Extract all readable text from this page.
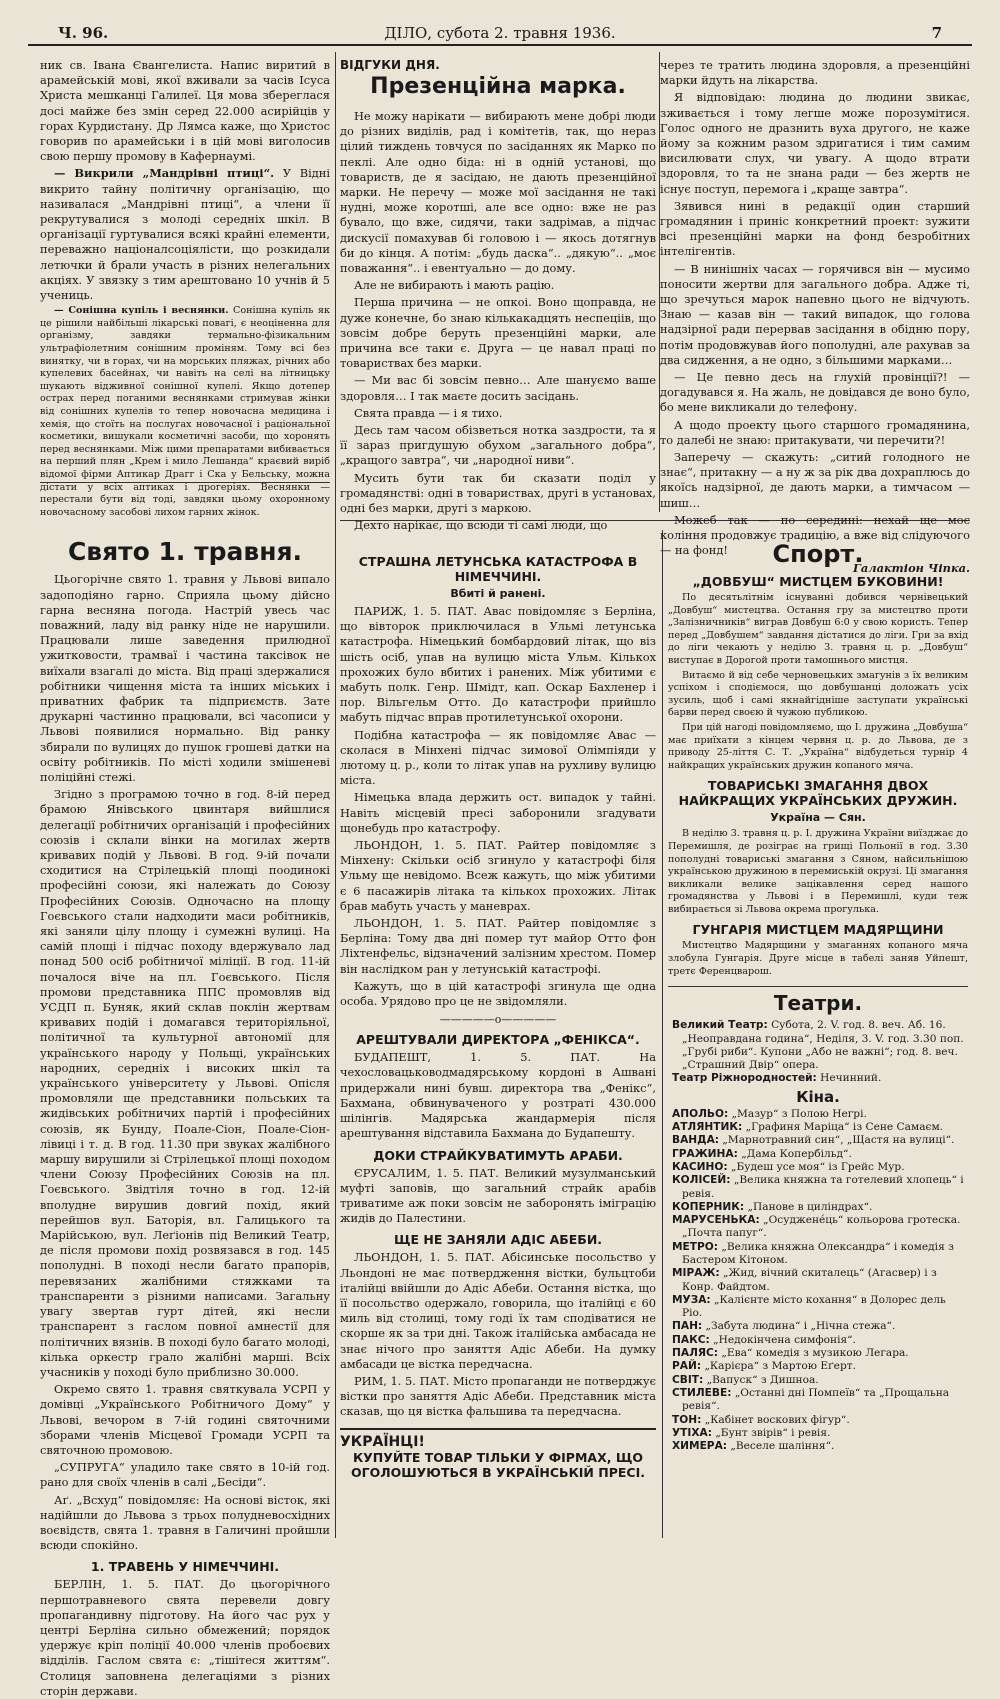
Ч. 96.	ДІЛО, субота 2. травня 1936.	7

ник св. Івана Євангелиста. Напис виритий в арамейській мові, якої вживали за часів Ісуса Христа мешканці Галилеї. Ця мова збереглася досі майже без змін серед 22.000 асирійців у горах Курдистану. Др Лямса каже, що Христос говорив по арамейськи і в цій мові виголосив свою першу промову в Кафернаумі.

— Викрили „Мандрівні птиці“. У Відні викрито тайну політичну організацію, що називалася „Мандрівні птиці“, а члени її рекрутувалися з молоді середніх шкіл. В організації гуртувалися всякі крайні елементи, переважно націоналсоціялісти, що розкидали летючки й брали участь в різних нелегальних акціях. У звязку з тим арештовано 10 учнів й 5 учениць.

— Сонішна купіль і веснянки. Сонішна купіль як це рішили найбільші лікарські повагі, є неоціненна для організму, завдяки термально-фізикальним ультрафіолетним сонішним проміням. Тому всі без винятку, чи в горах, чи на морських пляжах, річних або купелевих басейнах, чи навіть на селі на літницьку шукають відживної сонішної купелі. Якщо дотепер острах перед поганими веснянками стримував жінки від сонішних купелів то тепер новочасна медицина і хемія, що стоїть на послугах новочасної і раціональної косметики, вишукали косметичні засоби, що хоронять перед веснянками. Між цими препаратами вибивається на перший плян „Крем і мило Лешанда“ краєвий виріб відомої фірми Аптикар Драгг і Ска у Бельську, можна дістати у всіх аптиках і дрогеріях. Веснянки — перестали бути від тоді, завдяки цьому охоронному новочасному засобові лихом гарних жінок.

Свято 1. травня.

Цьогорічне свято 1. травня у Львові випало задоподіяно гарно. Сприяла цьому дійсно гарна весняна погода. Настрій увесь час поважний, ладу від ранку ніде не нарушили. Працювали лише заведення прилюдної ужитковости, трамваї і частина таксівок не виїхали взагалі до міста. Від праці здержалися робітники чищення міста та інших міських і приватних фабрик та підприємств. Зате друкарні частинно працювали, всі часописи у Львові появилися нормально. Від ранку збирали по вулицях до пушок грошеві датки на освіту робітників. По місті ходили змішеневі поліційні стежі.

Згідно з програмою точно в год. 8-ій перед брамою Янівського цвинтаря вийшлися делегації робітничих організацій і професійних союзів і склали вінки на могилах жертв кривавих подій у Львові. В год. 9-ій почали сходитися на Стрілецькій площі поодинокі професійні союзи, які належать до Союзу Професійних Союзів. Одночасно на площу Гоєвського стали надходити маси робітників, які заняли цілу площу і сумежні вулиці. На самій площі і підчас походу вдержувало лад понад 500 осіб робітничої міліції. В год. 11-ій почалося віче на пл. Гоєвського. Після промови представника ППС промовляв від УСДП п. Буняк, який склав поклін жертвам кривавих подій і домагався територіяльної, політичної та культурної автономії для українського народу у Польщі, українських народних, середніх і високих шкіл та українського університету у Львові. Опісля промовляли ще представники польських та жидівських робітничих партій і професійних союзів, як Бунду, Поале-Сіон, Поале-Сіон-лівиці і т. д. В год. 11.30 при звуках жалібного маршу вирушили зі Стрілецької площі походом члени Союзу Професійних Союзів на пл. Гоєвського. Звідтіля точно в год. 12-ій вполудне вирушив довгий похід, який перейшов вул. Баторія, вл. Галицького та Марійською, вул. Леґіонів під Великий Театр, де після промови похід розвязався в год. 145 пополудні. В поході несли багато прапорів, перевязаних жалібними стяжками та транспаренти з різними написами. Загальну увагу звертав гурт дітей, які несли транспарент з гаслом повної амнестії для політичних вязнів. В поході було багато молоді, кілька оркестр грало жалібні марші. Всіх учасників у поході було приблизно 30.000.

Окремо свято 1. травня святкувала УСРП у домівці „Українського Робітничого Дому“ у Львові, вечором в 7-ій годині святочними зборами членів Місцевої Громади УСРП та святочною промовою.

„СУПРУГА“ уладило таке свято в 10-ій год. рано для своїх членів в салі „Бесіди“.

Аґ. „Всхуд“ повідомляє: На основі вісток, які надійшли до Львова з трьох полудневосхідних воєвідств, свята 1. травня в Галичині пройшли всюди спокійно.

1. ТРАВЕНЬ У НІМЕЧЧИНІ.

БЕРЛІН, 1. 5. ПАТ. До цьогорічного першотравневого свята перевели довгу пропагандивну підготову. На його час рух у центрі Берліна сильно обмежений; порядок удержує кріп поліції 40.000 членів пробоєвих відділів. Гаслом свята є: „тішітеся життям“. Столиця заповнена делегаціями з різних сторін держави.

ВІДГУКИ ДНЯ.
Презенційна марка.

Не можу нарікати — вибирають мене добрі люди до різних виділів, рад і комітетів, так, що нераз цілий тиждень товчуся по засіданнях як Марко по пеклі. Але одно біда: ні в одній установі, що товариств, де я засідаю, не дають презенційної марки. Не перечу — може мої засідання не такі нудні, може коротші, але все одно: вже не раз бувало, що вже, сидячи, таки задрімав, а підчас дискусії помахував бі головою і — якось дотягнув би до кінця. А потім: „будь даска“.. „дякую“.. „моє поважання“.. і евентуально — до дому.

Але не вибирають і мають рацію.

Перша причина — не опкоі. Воно щоправда, не дуже конечне, бо знаю кількакадцять неспеціів, що зовсім добре беруть презенційні марки, але причина все таки є. Друга — це навал праці по товариствах без марки.

— Ми вас бі зовсім певно… Але шануємо ваше здоровля… І так маєте досить засідань.

Свята правда — і я тихо.

Десь там часом обізветься нотка заздрости, та я її зараз пригдушую обухом „загального добра“, „кращого завтра“, чи „народної ниви“.

Мусить бути так би сказати поділ у громадянстві: одні в товариствах, другі в установах, одні без марки, другі з маркою.

Дехто нарікає, що всюди ті самі люди, що

через те тратить людина здоровля, а презенційні марки йдуть на лікарства.

Я відповідаю: людина до людини звикає, зживається і тому легше може порозумітися. Голос одного не дразнить вуха другого, не каже йому за кожним разом здригатися і тим самим висилювати слух, чи увагу. А щодо втрати здоровля, то та не знана ради — без жертв не існує поступ, перемога і „краще завтра“.

Зявився нині в редакції один старший громадянин і приніс конкретний проект: зужити всі презенційні марки на фонд безробітних інтелігентів.

— В нинішніх часах — горячився він — мусимо поносити жертви для загального добра. Адже ті, що зречуться марок напевно цього не відчують. Знаю — казав він — такий випадок, що голова надзірної ради перервав засідання в обідню пору, потім продовжував його пополудні, але рахував за два сидження, а не одно, з більшими марками…

— Це певно десь на глухій провінції?! — догадувався я. На жаль, не довідався де воно було, бо мене викликали до телефону.

А щодо проекту цього старшого громадянина, то далебі не знаю: притакувати, чи перечити?!

Заперечу — скажуть: „ситий голодного не знає“, притакну — а ну ж за рік два дохраплюсь до якоїсь надзірної, де дають марки, а тимчасом — шиш…

Можеб так — по середині: нехай ще моє коління продовжує традицію, а вже від слідуючого — на фонд!

Галактіон Чіпка.
СТРАШНА ЛЕТУНСЬКА КАТАСТРОФА В НІМЕЧЧИНІ.
Вбиті й ранені.

ПАРИЖ, 1. 5. ПАТ. Авас повідомляє з Берліна, що вівторок приключилася в Ульмі летунська катастрофа. Німецький бомбардовий літак, що віз шість осіб, упав на вулицю міста Ульм. Кількох прохожих було вбитих і ранених. Між убитими є мабуть полк. Генр. Шмідт, кап. Оскар Бахленер і пор. Вільгельм Отто. До катастрофи прийшло мабуть підчас вправ протилетунської охорони.

Подібна катастрофа — як повідомляє Авас — сколася в Мінхені підчас зимової Олімпіяди у лютому ц. р., коли то літак упав на рухливу вулицю міста.

Німецька влада держить ост. випадок у тайні. Навіть місцевій пресі заборонили згадувати щонебудь про катастрофу.

ЛЬОНДОН, 1. 5. ПАТ. Райтер повідомляє з Мінхену: Скільки осіб згинуло у катастрофі біля Ульму ще невідомо. Всеж кажуть, що між убитими є 6 пасажирів літака та кількох прохожих. Літак брав мабуть участь у маневрах.

ЛЬОНДОН, 1. 5. ПАТ. Райтер повідомляє з Берліна: Тому два дні помер тут майор Отто фон Ліхтенфельс, відзначений залізним хрестом. Помер він наслідком ран у летунській катастрофі.

Кажуть, що в цій катастрофі згинула ще одна особа. Урядово про це не звідомляли.

—————o—————
АРЕШТУВАЛИ ДИРЕКТОРА „ФЕНІКСА“.

БУДАПЕШТ, 1. 5. ПАТ. На чехословацьководмадярському кордоні в Ашвані придержали нині бувш. директора тва „Фенікс“, Бахмана, обвинуваченого у розтраті 430.000 шілінгів. Мадярська жандармерія після арештування відставила Бахмана до Будапешту.

ДОКИ СТРАЙКУВАТИМУТЬ АРАБИ.

ЄРУСАЛИМ, 1. 5. ПАТ. Великий музулманський муфті заповів, що загальний страйк арабів триватиме аж поки зовсім не заборонять іміграцію жидів до Палестини.

ЩЕ НЕ ЗАНЯЛИ АДІС АБЕБИ.

ЛЬОНДОН, 1. 5. ПАТ. Абісинське посольство у Льондоні не має потвердження вістки, бульцтоби італійці ввійшли до Адіс Абеби. Остання вістка, що її посольство одержало, говорила, що італійці є 60 миль від столиці, тому годі їх там сподіватися не скорше як за три дні. Також італійська амбасада не знає нічого про заняття Адіс Абеби. На думку амбасади це вістка передчасна.

РИМ, 1. 5. ПАТ. Місто пропаганди не потверджує вістки про заняття Адіс Абеби. Представник міста сказав, що ця вістка фальшива та передчасна.

УКРАЇНЦІ!
КУПУЙТЕ ТОВАР ТІЛЬКИ У ФІРМАХ, ЩО ОГОЛОШУЮТЬСЯ В УКРАЇНСЬКІЙ ПРЕСІ.
Спорт.
„ДОВБУШ“ МИСТЦЕМ БУКОВИНИ!

По десятьлітнім існуванні добився чернівецький „Довбуш“ мистецтва. Остання гру за мистецтво проти „Залізничників“ виграв Довбуш 6:0 у свою користь. Тепер перед „Довбушем“ завдання дістатися до ліги. Гри за вхід до ліги чекають у неділю 3. травня ц. р. „Довбуш“ виступає в Дорогой проти тамошнього мистця.

Витаємо й від себе черновецьких змагунів з їх великим успіхом і сподіємося, що довбушанці доложать усіх зусиль, щоб і самі якнайгідніше заступати українські барви перед своєю й чужою публикою.

При цій нагоді повідомляємо, що І. дружина „Довбуша“ має приїхати з кінцем червня ц. р. до Львова, де з приводу 25-ліття С. Т. „Україна“ відбудеться турнір 4 найкращих українських дружин копаного мяча.

ТОВАРИСЬКІ ЗМАГАННЯ ДВОХ НАЙКРАЩИХ УКРАЇНСЬКИХ ДРУЖИН.
Україна — Сян.

В неділю 3. травня ц. р. І. дружина України виїзджає до Перемишля, де розіграє на грищі Польонії в год. 3.30 пополудні товариські змагання з Сяном, найсильнішою українською дружиною в перемиській окрузі. Ці змагання викликали велике зацікавлення серед нашого громадянства у Львові і в Перемишлі, куди теж вибирається зі Львова окрема прогулька.

ГУНГАРІЯ МИСТЦЕМ МАДЯРЩИНИ

Мистецтво Мадярщини у змаганнях копаного мяча злобула Гунгарія. Друге місце в табелі заняв Уйпешт, третє Ференцварош.

Театри.
Великий Театр: Субота, 2. V. год. 8. веч. Аб. 16. „Неоправдана година“, Неділя, 3. V. год. 3.30 поп. „Грубі риби“. Купони „Або не важні“; год. 8. веч. „Страшний Двір“ опера.
Театр Ріжнородностей: Нечинний.
Кіна.
АПОЛЬО: „Мазур“ з Полою Негрі.
АТЛЯНТИК: „Графиня Маріца“ із Сене Самаєм.
ВАНДА: „Марнотравний син“, „Щастя на вулиці“.
ГРАЖИНА: „Дама Копербільд“.
КАСИНО: „Будеш усе моя“ із Грейс Мур.
КОЛІСЕЙ: „Велика княжна та готелевий хлопець“ і ревія.
КОПЕРНИК: „Панове в циліндрах“.
МАРУСЕНЬКА: „Осуджене́ць“ кольорова гротеска. „Почта папуг“.
МЕТРО: „Велика княжна Олександра“ і комедія з Бастером Кітоном.
МІРАЖ: „Жид, вічний скиталець“ (Агасвер) і з Конр. Файдтом.
МУЗА: „Калієнте місто кохання“ в Долорес дель Ріо.
ПАН: „Забута людина“ і „Нічна стежа“.
ПАКС: „Недокінчена симфонія“.
ПАЛЯС: „Ева“ комедія з музикою Легара.
РАЙ: „Карієра“ з Мартою Еґерт.
СВІТ: „Вапуск“ з Дишноа.
СТИЛЕВЕ: „Останні дні Помпеїв“ та „Прощальна ревія“.
ТОН: „Кабінет воскових фігур“.
УТІХА: „Бунт звірів“ і ревія.
ХИМЕРА: „Веселе шаління“.
